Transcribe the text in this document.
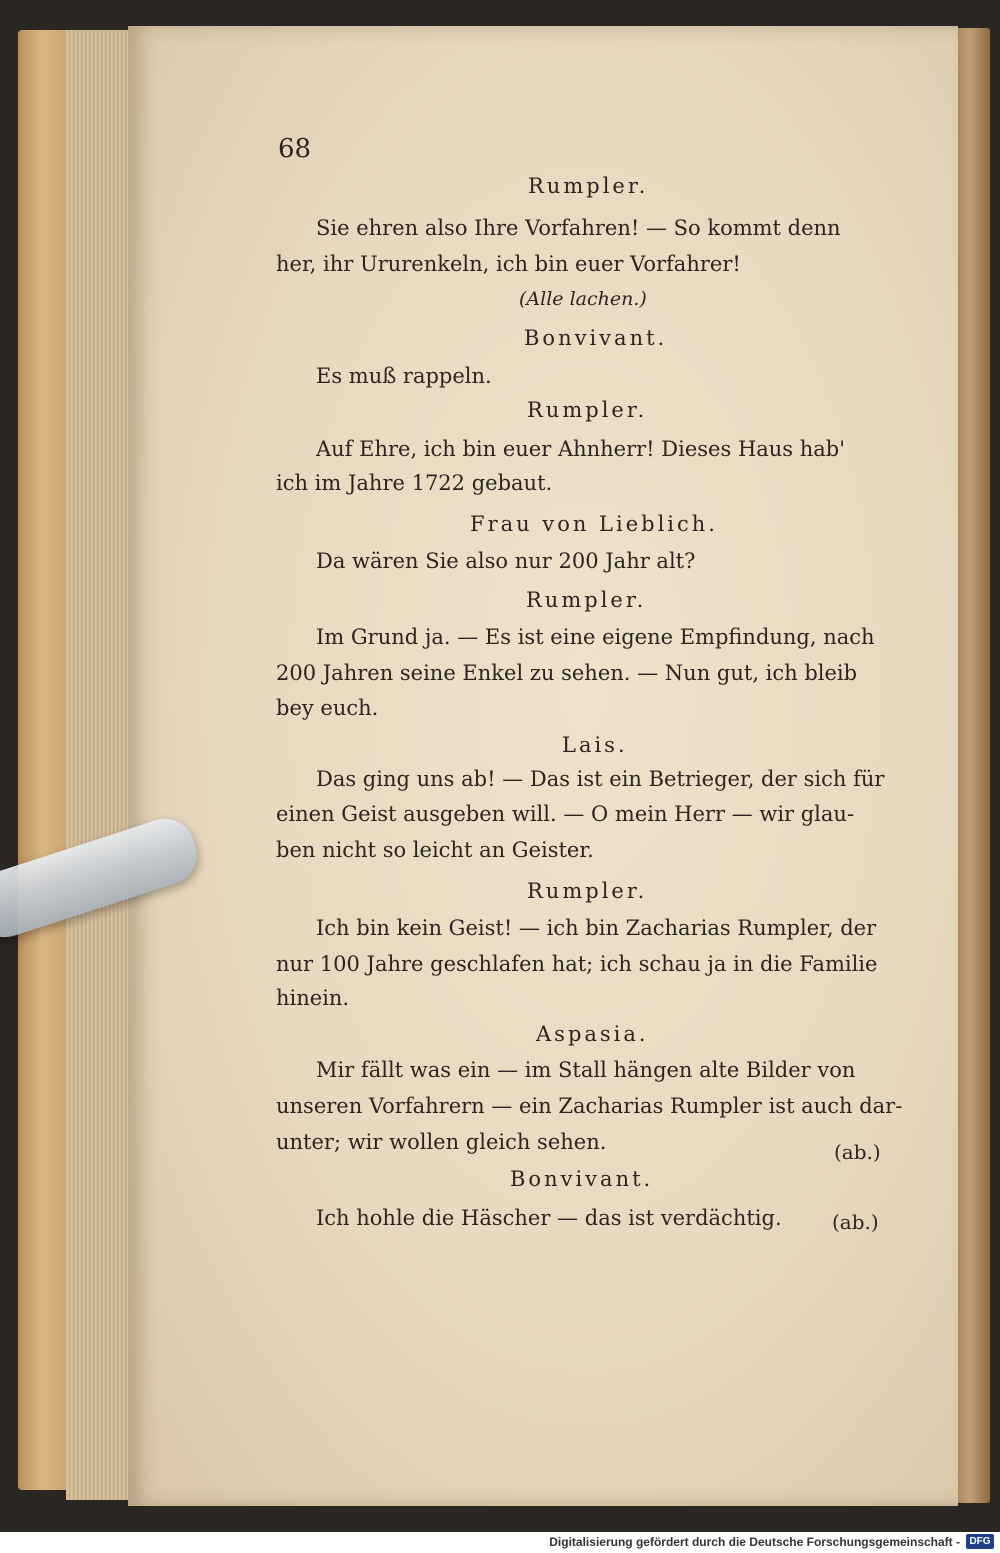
68
Rumpler.
Sie ehren also Ihre Vorfahren! — So kommt denn
her, ihr Ururenkeln, ich bin euer Vorfahrer!
(Alle lachen.)
Bonvivant.
Es muß rappeln.
Rumpler.
Auf Ehre, ich bin euer Ahnherr! Dieses Haus hab'
ich im Jahre 1722 gebaut.
Frau von Lieblich.
Da wären Sie also nur 200 Jahr alt?
Rumpler.
Im Grund ja. — Es ist eine eigene Empfindung, nach
200 Jahren seine Enkel zu sehen. — Nun gut, ich bleib
bey euch.
Lais.
Das ging uns ab! — Das ist ein Betrieger, der sich für
einen Geist ausgeben will. — O mein Herr — wir glau-
ben nicht so leicht an Geister.
Rumpler.
Ich bin kein Geist! — ich bin Zacharias Rumpler, der
nur 100 Jahre geschlafen hat; ich schau ja in die Familie
hinein.
Aspasia.
Mir fällt was ein — im Stall hängen alte Bilder von
unseren Vorfahrern — ein Zacharias Rumpler ist auch dar-
unter; wir wollen gleich sehen.	(ab.)
Bonvivant.
Ich hohle die Häscher — das ist verdächtig.	(ab.)
Digitalisierung gefördert durch die Deutsche Forschungsgemeinschaft - DFG
